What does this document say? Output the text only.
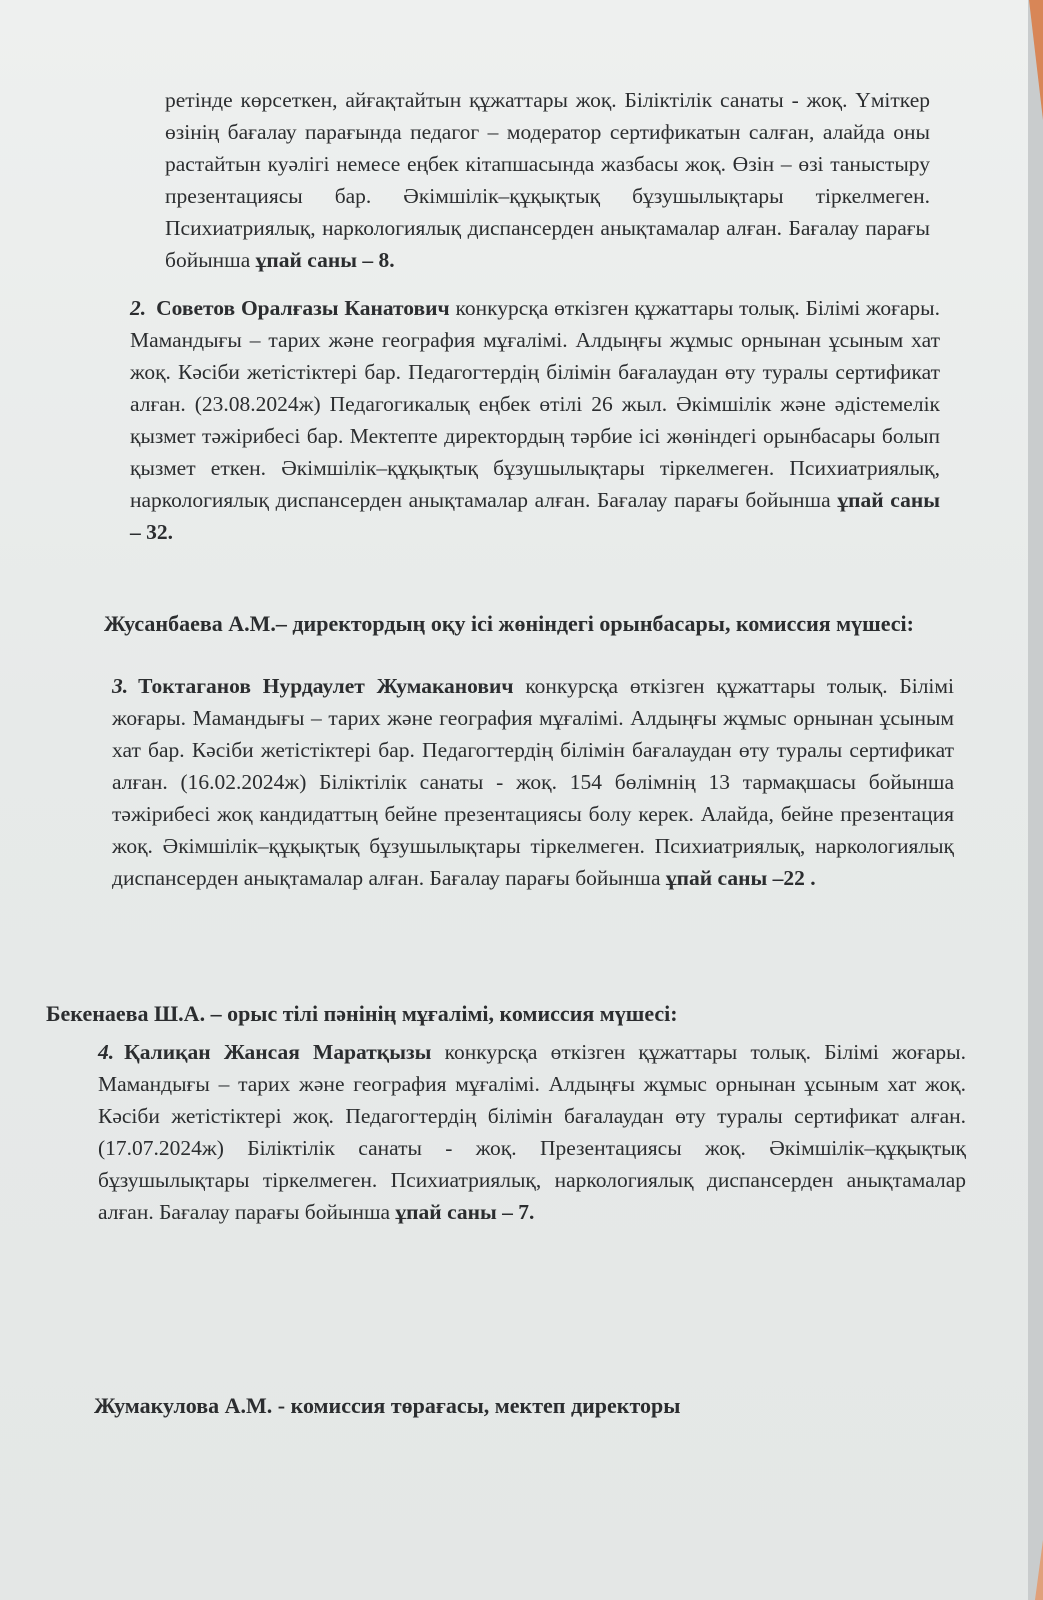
ретінде көрсеткен, айғақтайтын құжаттары жоқ. Біліктілік санаты - жоқ. Үміткер өзінің бағалау парағында педагог – модератор сертификатын салған, алайда оны растайтын куәлігі немесе еңбек кітапшасында жазбасы жоқ. Өзін – өзі таныстыру презентациясы бар. Әкімшілік–құқықтық бұзушылықтары тіркелмеген. Психиатриялық, наркологиялық диспансерден анықтамалар алған. Бағалау парағы бойынша ұпай саны – 8.

2. Советов Оралғазы Канатович конкурсқа өткізген құжаттары толық. Білімі жоғары. Мамандығы – тарих және география мұғалімі. Алдыңғы жұмыс орнынан ұсыным хат жоқ. Кәсіби жетістіктері бар. Педагогтердің білімін бағалаудан өту туралы сертификат алған. (23.08.2024ж) Педагогикалық еңбек өтілі 26 жыл. Әкімшілік және әдістемелік қызмет тәжірибесі бар. Мектепте директордың тәрбие ісі жөніндегі орынбасары болып қызмет еткен. Әкімшілік–құқықтық бұзушылықтары тіркелмеген. Психиатриялық, наркологиялық диспансерден анықтамалар алған. Бағалау парағы бойынша ұпай саны – 32.

Жусанбаева А.М.– директордың оқу ісі жөніндегі орынбасары, комиссия мүшесі:

3. Токтаганов Нурдаулет Жумаканович конкурсқа өткізген құжаттары толық. Білімі жоғары. Мамандығы – тарих және география мұғалімі. Алдыңғы жұмыс орнынан ұсыным хат бар. Кәсіби жетістіктері бар. Педагогтердің білімін бағалаудан өту туралы сертификат алған. (16.02.2024ж) Біліктілік санаты - жоқ. 154 бөлімнің 13 тармақшасы бойынша тәжірибесі жоқ кандидаттың бейне презентациясы болу керек. Алайда, бейне презентация жоқ. Әкімшілік–құқықтық бұзушылықтары тіркелмеген. Психиатриялық, наркологиялық диспансерден анықтамалар алған. Бағалау парағы бойынша ұпай саны –22 .

Бекенаева Ш.А. – орыс тілі пәнінің мұғалімі, комиссия мүшесі:

4. Қалиқан Жансая Мaратқызы конкурсқа өткізген құжаттары толық. Білімі жоғары. Мамандығы – тарих және география мұғалімі. Алдыңғы жұмыс орнынан ұсыным хат жоқ. Кәсіби жетістіктері жоқ. Педагогтердің білімін бағалаудан өту туралы сертификат алған. (17.07.2024ж) Біліктілік санаты - жоқ. Презентациясы жоқ. Әкімшілік–құқықтық бұзушылықтары тіркелмеген. Психиатриялық, наркологиялық диспансерден анықтамалар алған. Бағалау парағы бойынша ұпай саны – 7.

Жумакулова А.М. - комиссия төрағасы, мектеп директоры
